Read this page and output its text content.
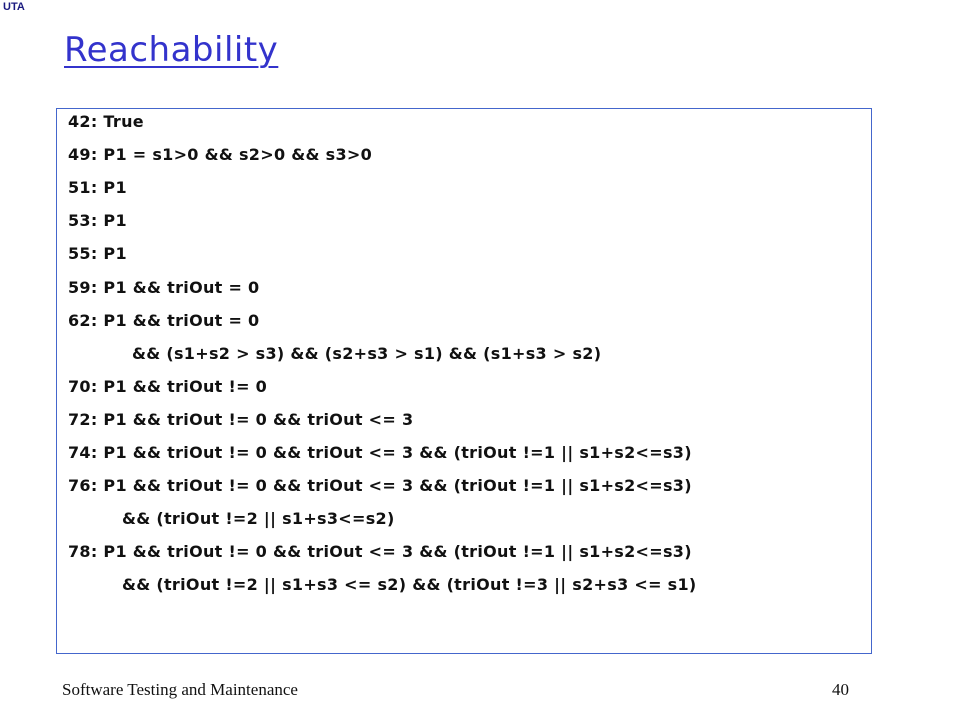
UTA
Reachability
42: True
49: P1 = s1>0 && s2>0 && s3>0
51: P1
53: P1
55: P1
59: P1 && triOut = 0
62: P1 && triOut = 0
&& (s1+s2 > s3) && (s2+s3 > s1) && (s1+s3 > s2)
70: P1 && triOut != 0
72: P1 && triOut != 0 && triOut <= 3
74: P1 && triOut != 0 && triOut <= 3 && (triOut !=1 || s1+s2<=s3)
76: P1 && triOut != 0 && triOut <= 3 && (triOut !=1 || s1+s2<=s3)
&& (triOut !=2 || s1+s3<=s2)
78: P1 && triOut != 0 && triOut <= 3 && (triOut !=1 || s1+s2<=s3)
&& (triOut !=2 || s1+s3 <= s2) && (triOut !=3 || s2+s3 <= s1)
Software Testing and Maintenance	40
